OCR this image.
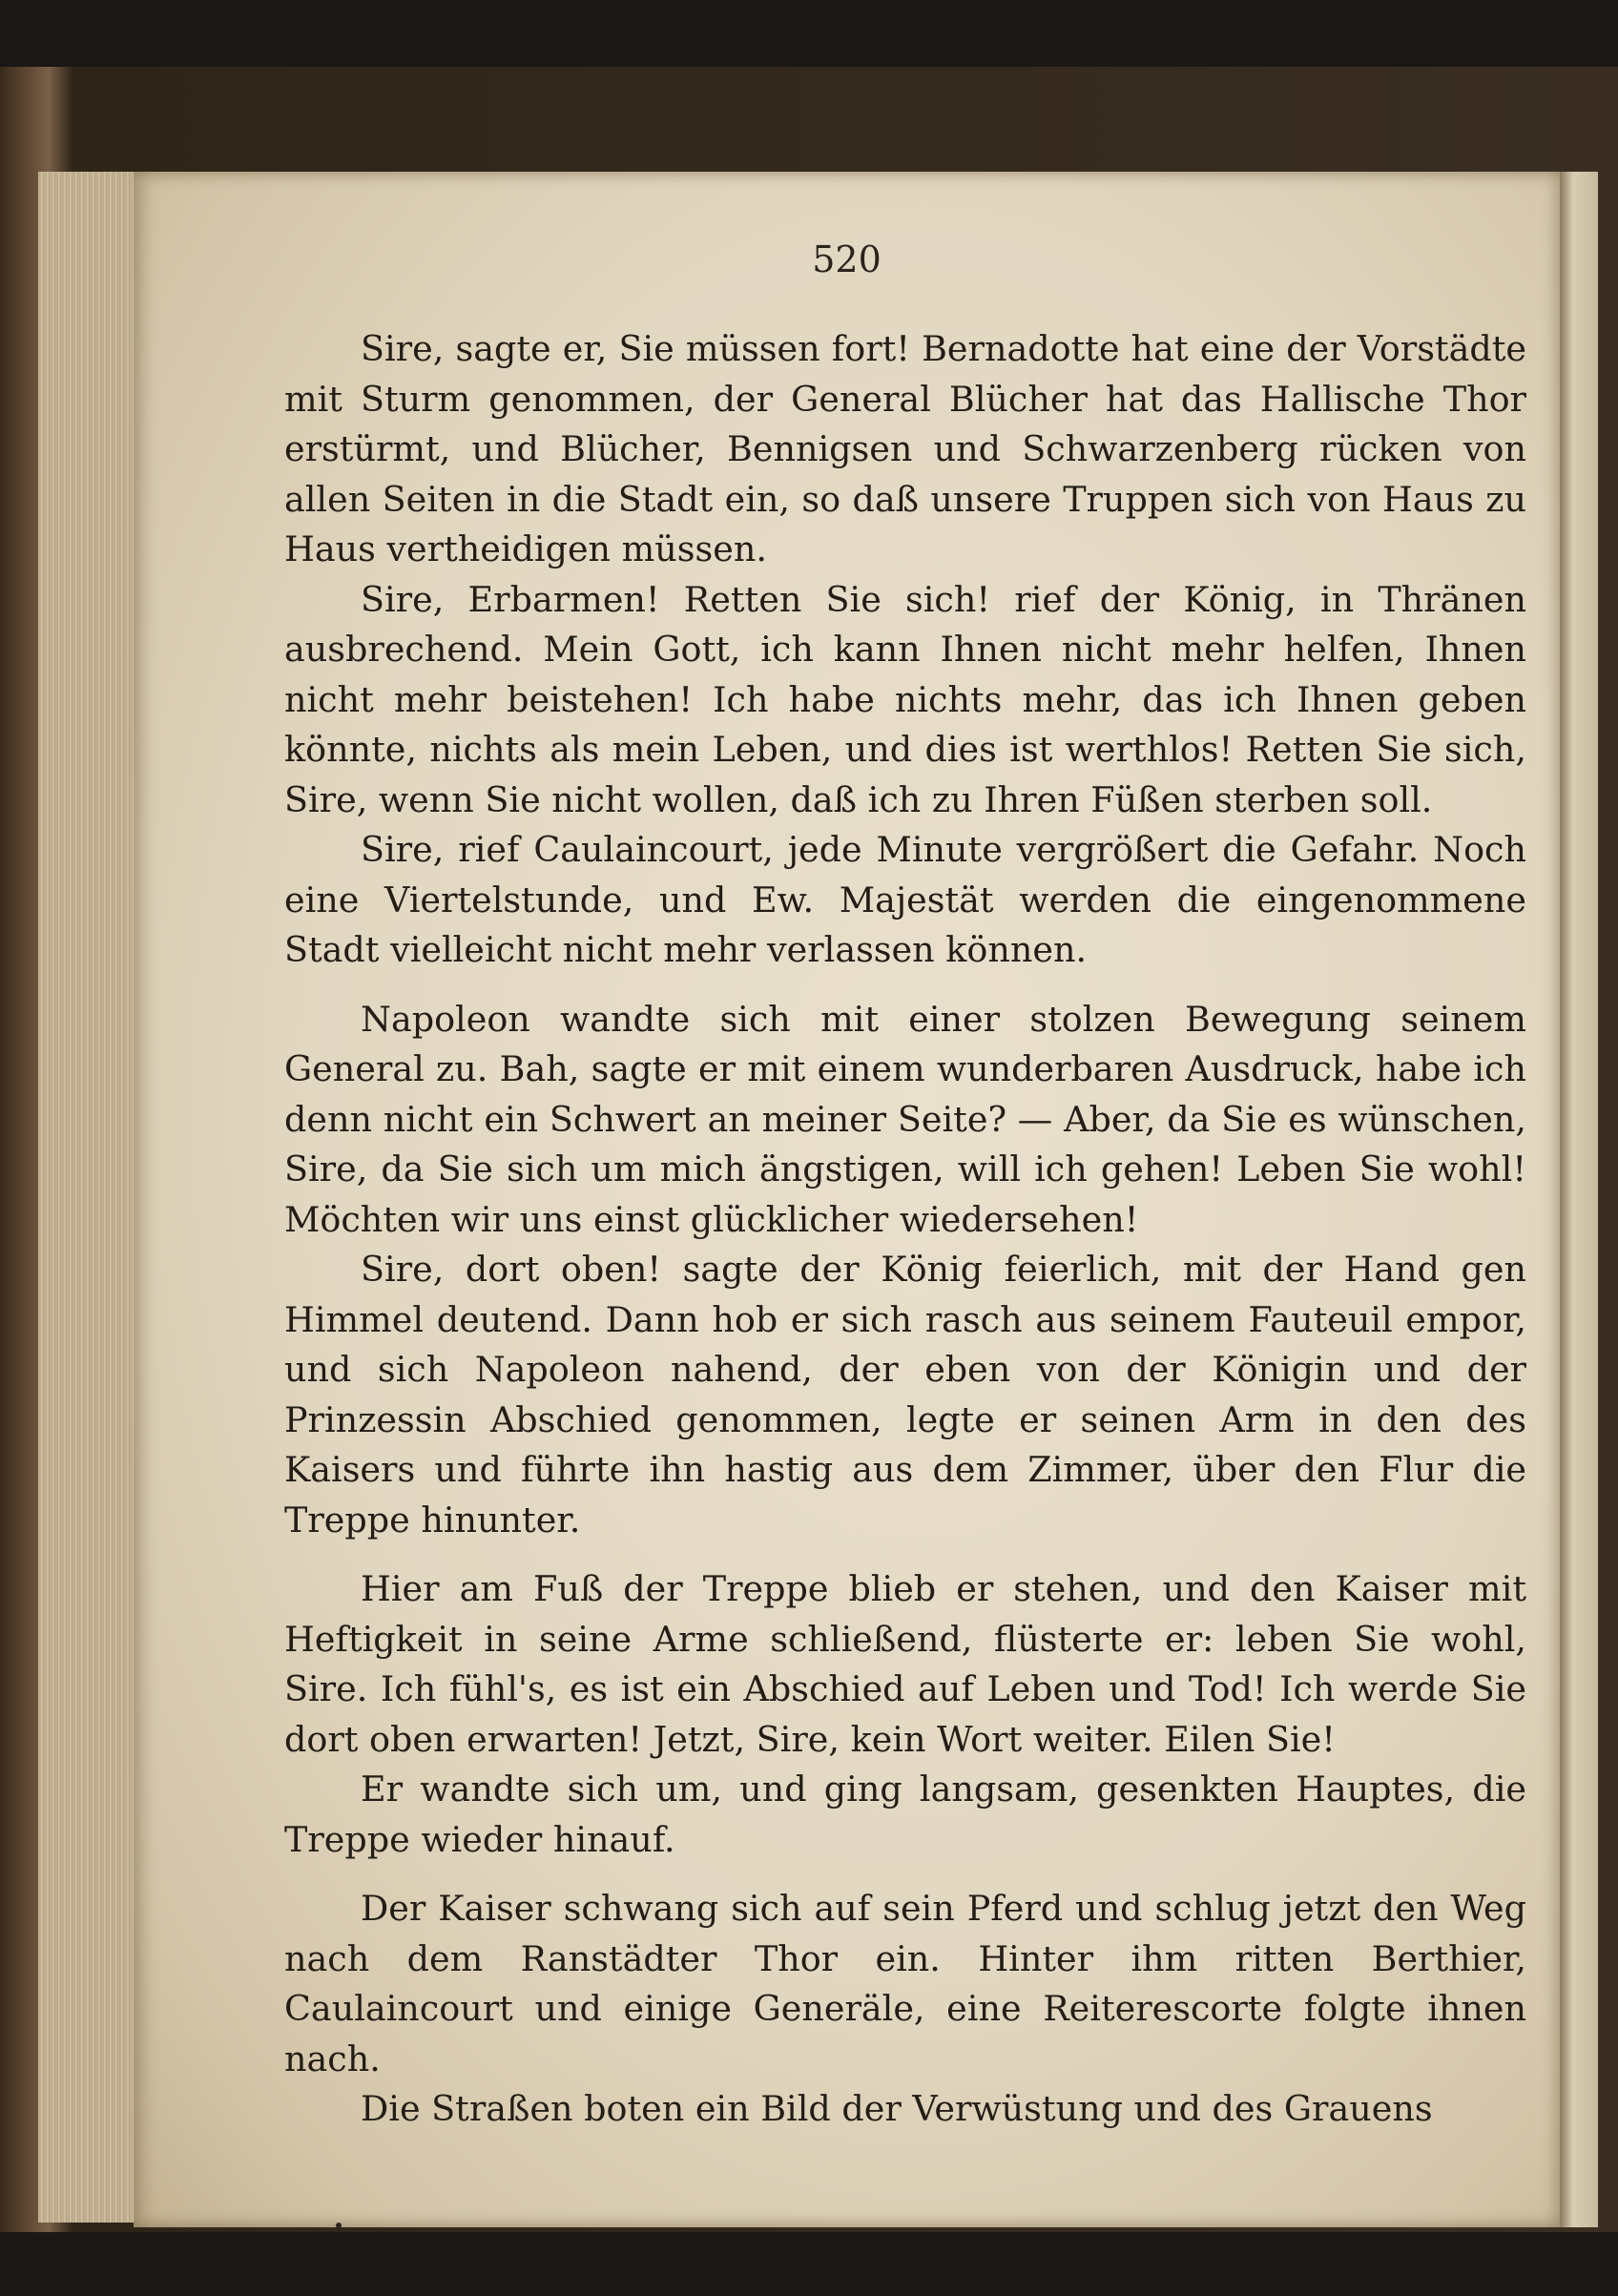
520

Sire, sagte er, Sie müssen fort! Bernadotte hat eine der Vorstädte mit Sturm genommen, der General Blücher hat das Hallische Thor erstürmt, und Blücher, Bennigsen und Schwarzenberg rücken von allen Seiten in die Stadt ein, so daß unsere Truppen sich von Haus zu Haus vertheidigen müssen.

Sire, Erbarmen! Retten Sie sich! rief der König, in Thränen ausbrechend. Mein Gott, ich kann Ihnen nicht mehr helfen, Ihnen nicht mehr beistehen! Ich habe nichts mehr, das ich Ihnen geben könnte, nichts als mein Leben, und dies ist werthlos! Retten Sie sich, Sire, wenn Sie nicht wollen, daß ich zu Ihren Füßen sterben soll.

Sire, rief Caulaincourt, jede Minute vergrößert die Gefahr. Noch eine Viertelstunde, und Ew. Majestät werden die eingenommene Stadt vielleicht nicht mehr verlassen können.

Napoleon wandte sich mit einer stolzen Bewegung seinem General zu. Bah, sagte er mit einem wunderbaren Ausdruck, habe ich denn nicht ein Schwert an meiner Seite? — Aber, da Sie es wünschen, Sire, da Sie sich um mich ängstigen, will ich gehen! Leben Sie wohl! Möchten wir uns einst glücklicher wiedersehen!

Sire, dort oben! sagte der König feierlich, mit der Hand gen Himmel deutend. Dann hob er sich rasch aus seinem Fauteuil empor, und sich Napoleon nahend, der eben von der Königin und der Prinzessin Abschied genommen, legte er seinen Arm in den des Kaisers und führte ihn hastig aus dem Zimmer, über den Flur die Treppe hinunter.

Hier am Fuß der Treppe blieb er stehen, und den Kaiser mit Heftigkeit in seine Arme schließend, flüsterte er: leben Sie wohl, Sire. Ich fühl's, es ist ein Abschied auf Leben und Tod! Ich werde Sie dort oben erwarten! Jetzt, Sire, kein Wort weiter. Eilen Sie!

Er wandte sich um, und ging langsam, gesenkten Hauptes, die Treppe wieder hinauf.

Der Kaiser schwang sich auf sein Pferd und schlug jetzt den Weg nach dem Ranstädter Thor ein. Hinter ihm ritten Berthier, Caulaincourt und einige Generäle, eine Reiterescorte folgte ihnen nach.

Die Straßen boten ein Bild der Verwüstung und des Grauens
